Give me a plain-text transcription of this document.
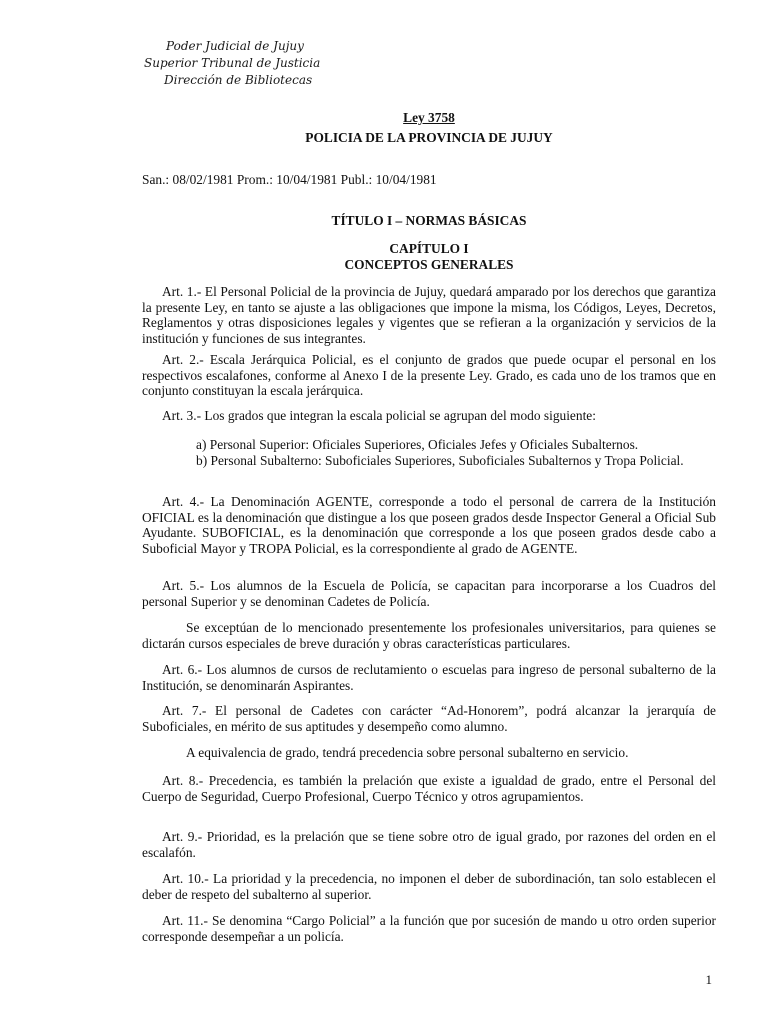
Poder Judicial de Jujuy
Superior Tribunal de Justicia
Dirección de Bibliotecas
Ley 3758
POLICIA DE LA PROVINCIA DE JUJUY
San.: 08/02/1981 Prom.: 10/04/1981 Publ.: 10/04/1981
TÍTULO I – NORMAS BÁSICAS
CAPÍTULO I
CONCEPTOS GENERALES

Art. 1.- El Personal Policial de la provincia de Jujuy, quedará amparado por los derechos que garantiza la presente Ley, en tanto se ajuste a las obligaciones que impone la misma, los Códigos, Leyes, Decretos, Reglamentos y otras disposiciones legales y vigentes que se refieran a la organización y servicios de la institución y funciones de sus integrantes.

Art. 2.- Escala Jerárquica Policial, es el conjunto de grados que puede ocupar el personal en los respectivos escalafones, conforme al Anexo I de la presente Ley. Grado, es cada uno de los tramos que en conjunto constituyan la escala jerárquica.

Art. 3.- Los grados que integran la escala policial se agrupan del modo siguiente:

a) Personal Superior: Oficiales Superiores, Oficiales Jefes y Oficiales Subalternos.

b) Personal Subalterno: Suboficiales Superiores, Suboficiales Subalternos y Tropa Policial.

Art. 4.- La Denominación AGENTE, corresponde a todo el personal de carrera de la Institución OFICIAL es la denominación que distingue a los que poseen grados desde Inspector General a Oficial Sub Ayudante. SUBOFICIAL, es la denominación que corresponde a los que poseen grados desde cabo a Suboficial Mayor y TROPA Policial, es la correspondiente al grado de AGENTE.

Art. 5.- Los alumnos de la Escuela de Policía, se capacitan para incorporarse a los Cuadros del personal Superior y se denominan Cadetes de Policía.

Se exceptúan de lo mencionado presentemente los profesionales universitarios, para quienes se dictarán cursos especiales de breve duración y obras características particulares.

Art. 6.- Los alumnos de cursos de reclutamiento o escuelas para ingreso de personal subalterno de la Institución, se denominarán Aspirantes.

Art. 7.- El personal de Cadetes con carácter “Ad-Honorem”, podrá alcanzar la jerarquía de Suboficiales, en mérito de sus aptitudes y desempeño como alumno.

A equivalencia de grado, tendrá precedencia sobre personal subalterno en servicio.

Art. 8.- Precedencia, es también la prelación que existe a igualdad de grado, entre el Personal del Cuerpo de Seguridad, Cuerpo Profesional, Cuerpo Técnico y otros agrupamientos.

Art. 9.- Prioridad, es la prelación que se tiene sobre otro de igual grado, por razones del orden en el escalafón.

Art. 10.- La prioridad y la precedencia, no imponen el deber de subordinación, tan solo establecen el deber de respeto del subalterno al superior.

Art. 11.- Se denomina “Cargo Policial” a la función que por sucesión de mando u otro orden superior corresponde desempeñar a un policía.

1
